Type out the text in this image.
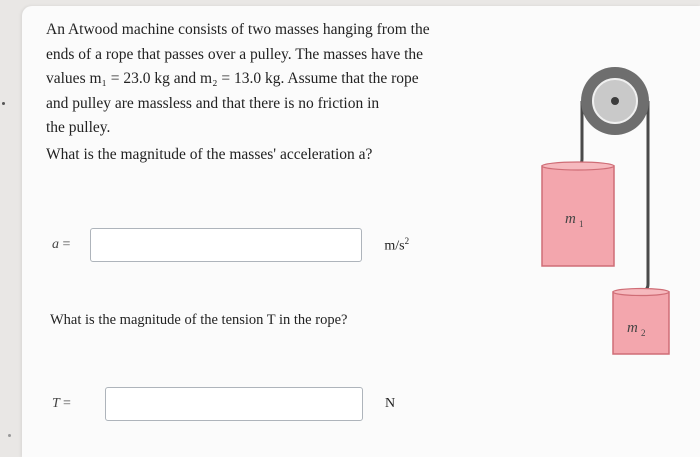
An Atwood machine consists of two masses hanging from the

ends of a rope that passes over a pulley. The masses have the

values m₁ = 23.0 kg and m₂ = 13.0 kg. Assume that the rope

and pulley are massless and that there is no friction in

the pulley.

What is the magnitude of the masses' acceleration a?
a =	$m/s^2$
What is the magnitude of the tension T in the rope?
T =	N
m 1
m 2
